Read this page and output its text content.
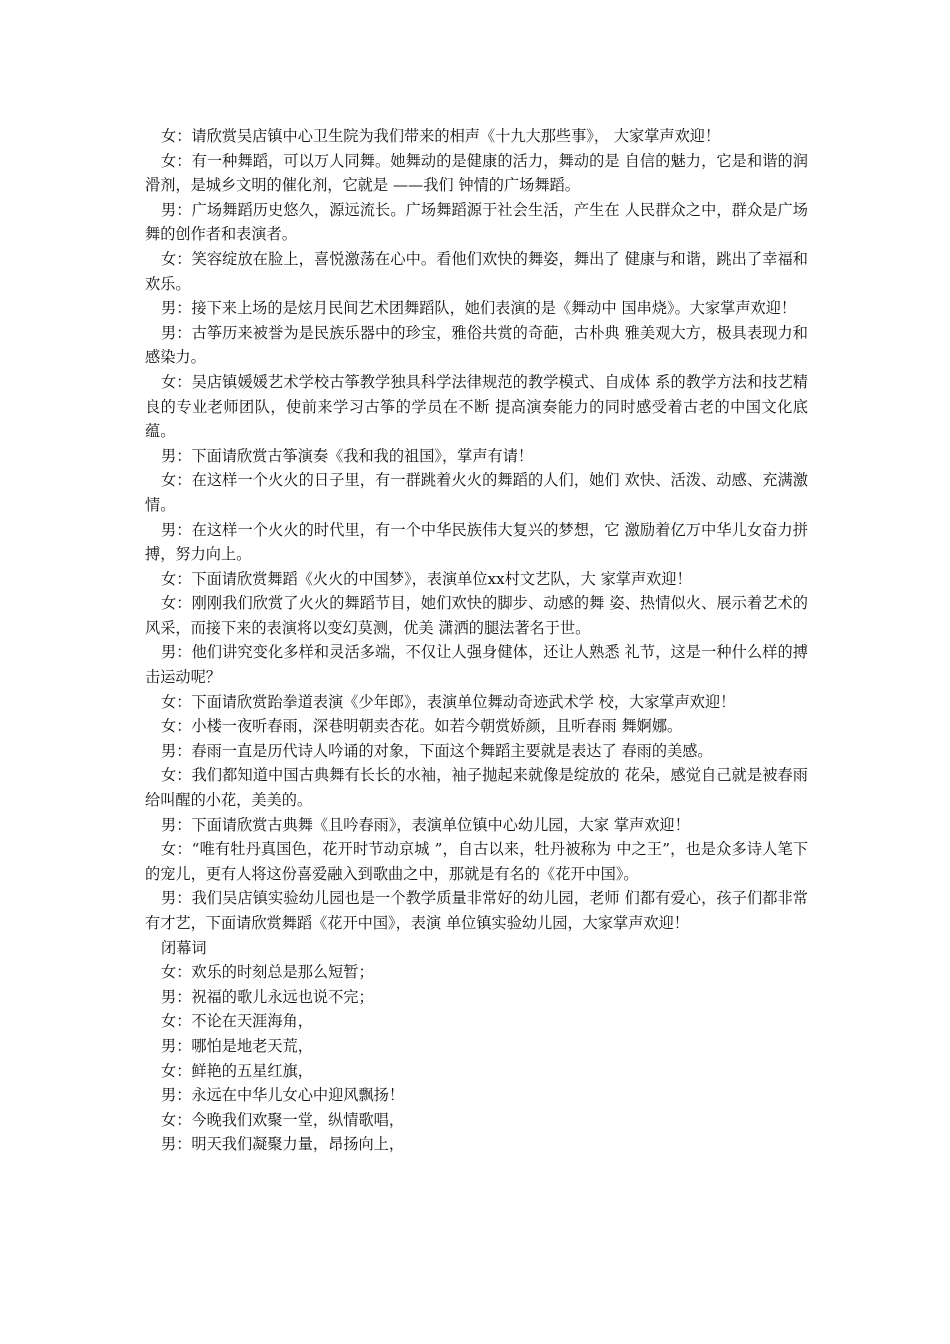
女：请欣赏吴店镇中心卫生院为我们带来的相声《十九大那些事》， 大家掌声欢迎！

女：有一种舞蹈，可以万人同舞。她舞动的是健康的活力，舞动的是 自信的魅力，它是和谐的润滑剂，是城乡文明的催化剂，它就是 ——我们 钟情的广场舞蹈。

男：广场舞蹈历史悠久，源远流长。广场舞蹈源于社会生活，产生在 人民群众之中，群众是广场舞的创作者和表演者。

女：笑容绽放在脸上，喜悦激荡在心中。看他们欢快的舞姿，舞出了 健康与和谐，跳出了幸福和欢乐。

男：接下来上场的是炫月民间艺术团舞蹈队，她们表演的是《舞动中 国串烧》。大家掌声欢迎！

男：古筝历来被誉为是民族乐器中的珍宝，雅俗共赏的奇葩，古朴典 雅美观大方，极具表现力和感染力。

女：吴店镇媛媛艺术学校古筝教学独具科学法律规范的教学模式、自成体 系的教学方法和技艺精良的专业老师团队，使前来学习古筝的学员在不断 提高演奏能力的同时感受着古老的中国文化底蕴。

男：下面请欣赏古筝演奏《我和我的祖国》，掌声有请！

女：在这样一个火火的日子里，有一群跳着火火的舞蹈的人们，她们 欢快、活泼、动感、充满激情。

男：在这样一个火火的时代里，有一个中华民族伟大复兴的梦想，它 激励着亿万中华儿女奋力拼搏，努力向上。

女：下面请欣赏舞蹈《火火的中国梦》，表演单位xx村文艺队，大 家掌声欢迎！

女：刚刚我们欣赏了火火的舞蹈节目，她们欢快的脚步、动感的舞 姿、热情似火、展示着艺术的风采，而接下来的表演将以变幻莫测，优美 潇洒的腿法著名于世。

男：他们讲究变化多样和灵活多端，不仅让人强身健体，还让人熟悉 礼节，这是一种什么样的搏击运动呢？

女：下面请欣赏跆拳道表演《少年郎》，表演单位舞动奇迹武术学 校，大家掌声欢迎！

女：小楼一夜听春雨，深巷明朝卖杏花。如若今朝赏娇颜，且听春雨 舞婀娜。

男：春雨一直是历代诗人吟诵的对象，下面这个舞蹈主要就是表达了 春雨的美感。

女：我们都知道中国古典舞有长长的水袖，袖子抛起来就像是绽放的 花朵，感觉自己就是被春雨给叫醒的小花，美美的。

男：下面请欣赏古典舞《且吟春雨》，表演单位镇中心幼儿园，大家 掌声欢迎！

女：“唯有牡丹真国色，花开时节动京城 ”，自古以来，牡丹被称为 中之王”，也是众多诗人笔下的宠儿，更有人将这份喜爱融入到歌曲之中，那就是有名的《花开中国》。

男：我们吴店镇实验幼儿园也是一个教学质量非常好的幼儿园，老师 们都有爱心，孩子们都非常有才艺，下面请欣赏舞蹈《花开中国》，表演 单位镇实验幼儿园，大家掌声欢迎！

闭幕词

女：欢乐的时刻总是那么短暂；

男：祝福的歌儿永远也说不完；

女：不论在天涯海角，

男：哪怕是地老天荒，

女：鲜艳的五星红旗，

男：永远在中华儿女心中迎风飘扬！

女：今晚我们欢聚一堂，纵情歌唱，

男：明天我们凝聚力量，昂扬向上，
